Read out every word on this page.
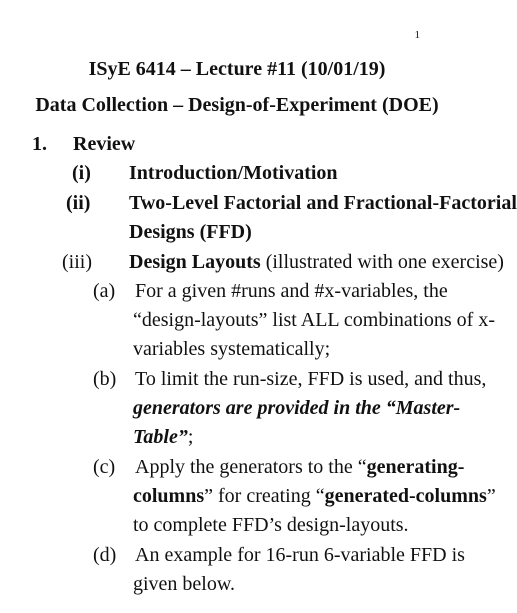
1
ISyE 6414 – Lecture #11 (10/01/19)
Data Collection – Design-of-Experiment (DOE)
1. Review
(i) Introduction/Motivation
(ii) Two-Level Factorial and Fractional-Factorial
Designs (FFD)
(iii) Design Layouts (illustrated with one exercise)
(a) For a given #runs and #x-variables, the
“design-layouts” list ALL combinations of x-
variables systematically;
(b) To limit the run-size, FFD is used, and thus,
generators are provided in the “Master-
Table”;
(c) Apply the generators to the “generating-
columns” for creating “generated-columns”
to complete FFD’s design-layouts.
(d) An example for 16-run 6-variable FFD is
given below.
